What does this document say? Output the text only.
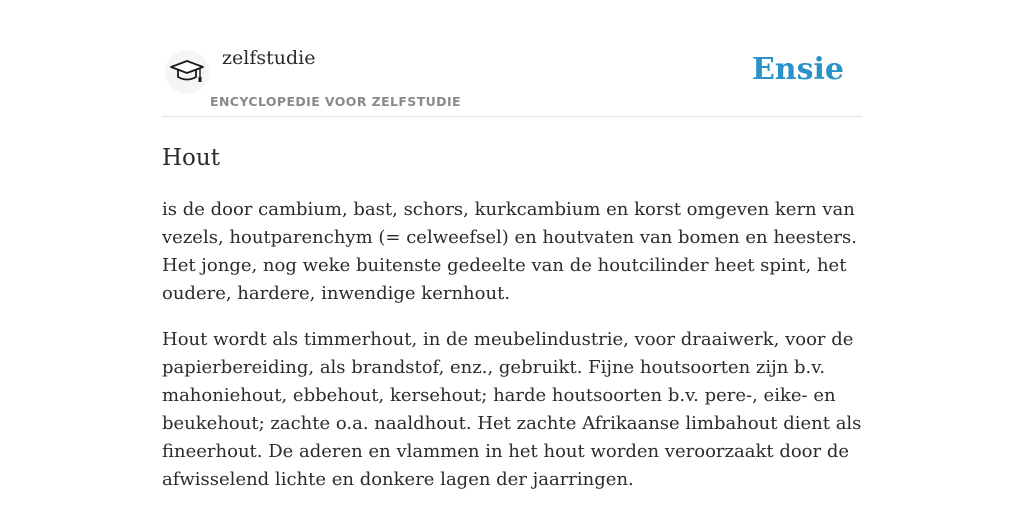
zelfstudie
ENCYCLOPEDIE VOOR ZELFSTUDIE
Ensie
Hout

is de door cambium, bast, schors, kurkcambium en korst omgeven kern van vezels, houtparenchym (= celweefsel) en houtvaten van bomen en heesters. Het jonge, nog weke buitenste gedeelte van de houtcilinder heet spint, het oudere, hardere, inwendige kernhout.

Hout wordt als timmerhout, in de meubelindustrie, voor draaiwerk, voor de papierbereiding, als brandstof, enz., gebruikt. Fijne houtsoorten zijn b.v. mahoniehout, ebbehout, kersehout; harde houtsoorten b.v. pere-, eike- en beukehout; zachte o.a. naaldhout. Het zachte Afrikaanse limbahout dient als fineerhout. De aderen en vlammen in het hout worden veroorzaakt door de afwisselend lichte en donkere lagen der jaarringen.
